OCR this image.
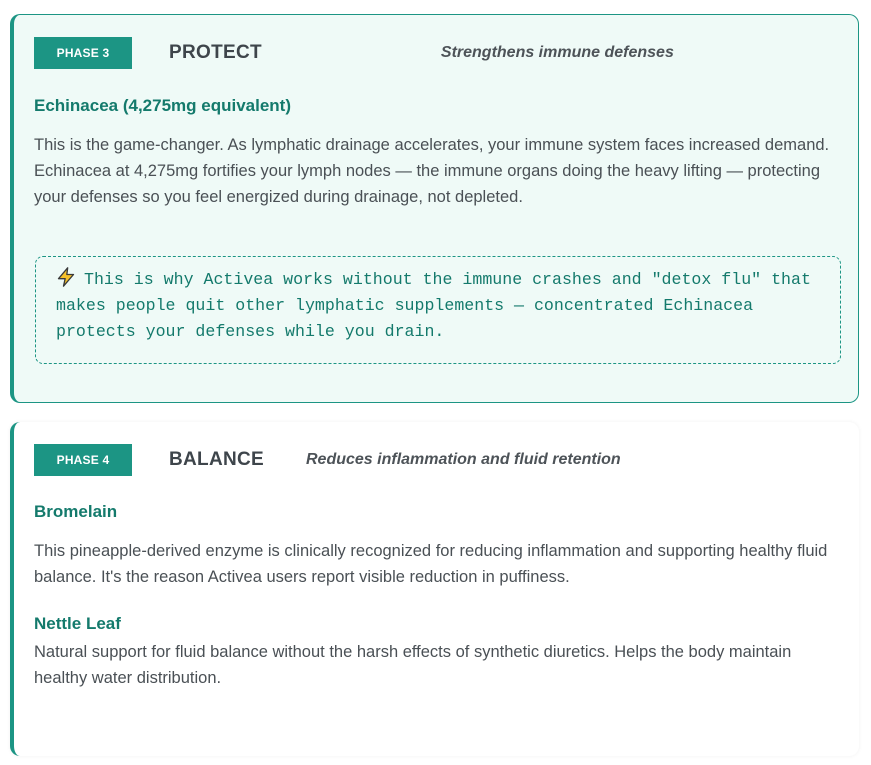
PHASE 3	PROTECT	Strengthens immune defenses
Echinacea (4,275mg equivalent)
This is the game-changer. As lymphatic drainage accelerates, your immune system faces increased demand. Echinacea at 4,275mg fortifies your lymph nodes — the immune organs doing the heavy lifting — protecting your defenses so you feel energized during drainage, not depleted.
This is why Activea works without the immune crashes and "detox flu" that makes people quit other lymphatic supplements — concentrated Echinacea protects your defenses while you drain.
PHASE 4	BALANCE	Reduces inflammation and fluid retention
Bromelain
This pineapple-derived enzyme is clinically recognized for reducing inflammation and supporting healthy fluid balance. It's the reason Activea users report visible reduction in puffiness.
Nettle Leaf
Natural support for fluid balance without the harsh effects of synthetic diuretics. Helps the body maintain healthy water distribution.
